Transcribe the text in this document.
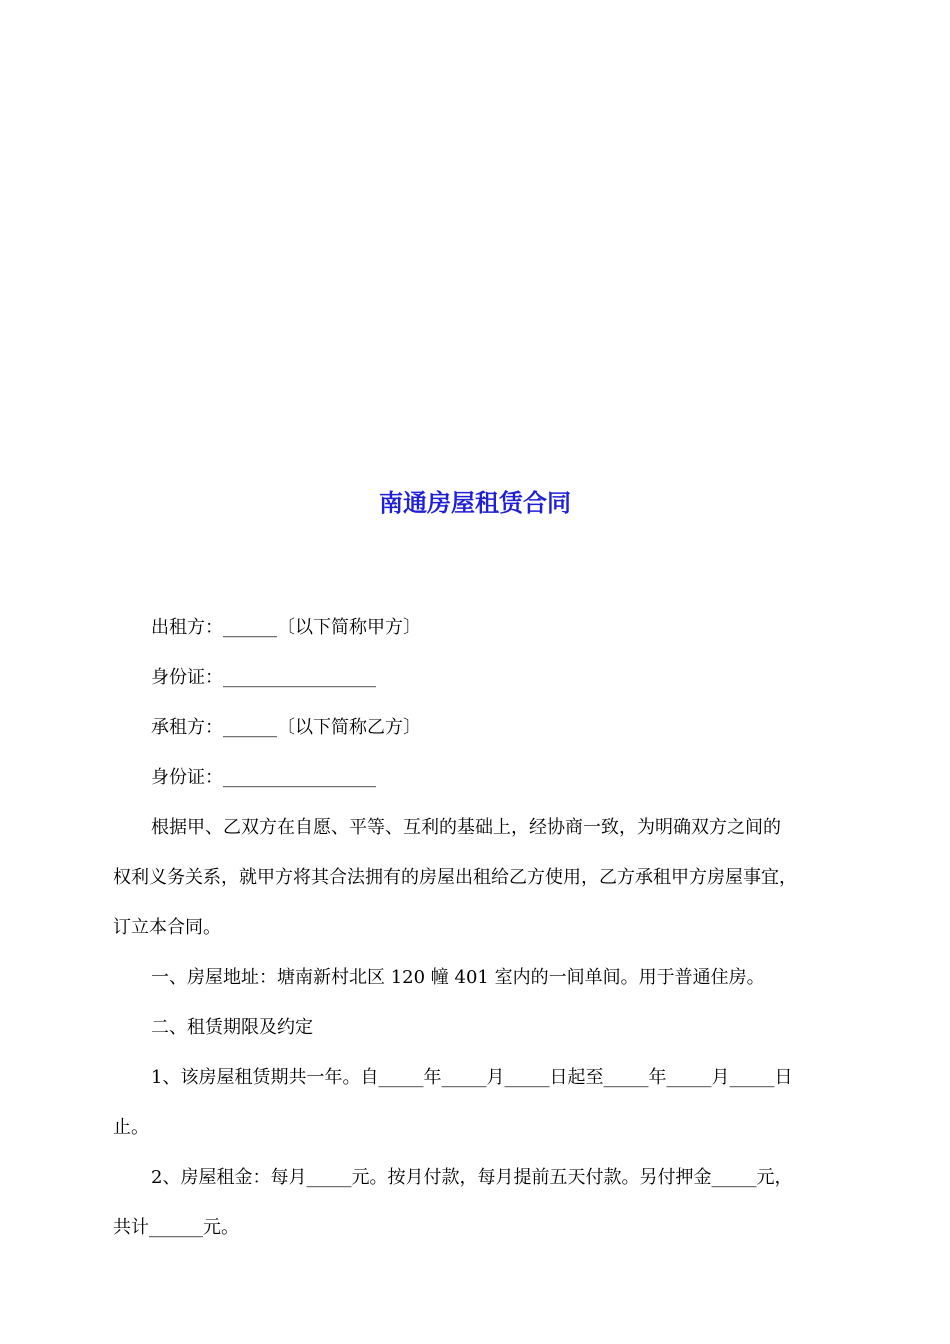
南通房屋租赁合同
出租方：______〔以下简称甲方〕
身份证：_________________
承租方：______〔以下简称乙方〕
身份证：_________________
根据甲、乙双方在自愿、平等、互利的基础上，经协商一致，为明确双方之间的
权利义务关系，就甲方将其合法拥有的房屋出租给乙方使用，乙方承租甲方房屋事宜，
订立本合同。
一、房屋地址：塘南新村北区 120 幢 401 室内的一间单间。用于普通住房。
二、租赁期限及约定
1、该房屋租赁期共一年。自_____年_____月_____日起至_____年_____月_____日
止。
2、房屋租金：每月_____元。按月付款，每月提前五天付款。另付押金_____元，
共计______元。
